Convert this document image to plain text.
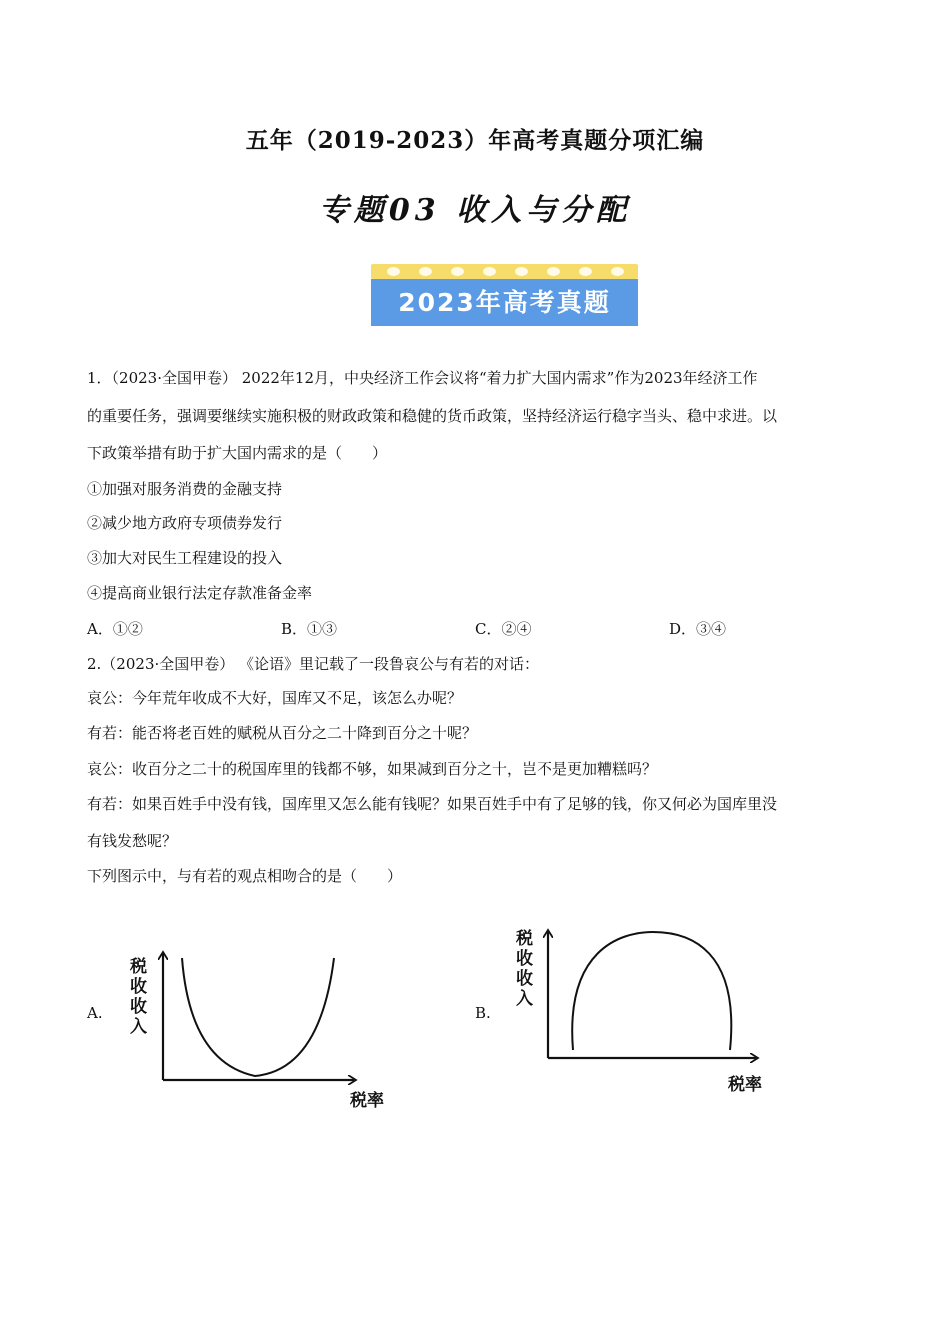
五年（2019-2023）年高考真题分项汇编
专题03 收入与分配
2023年高考真题
1．（2023·全国甲卷） 2022年12月，中央经济工作会议将“着力扩大国内需求”作为2023年经济工作
的重要任务，强调要继续实施积极的财政政策和稳健的货币政策，坚持经济运行稳字当头、稳中求进。以
下政策举措有助于扩大国内需求的是（　　）
①加强对服务消费的金融支持
②减少地方政府专项债券发行
③加大对民生工程建设的投入
④提高商业银行法定存款准备金率
A．①②	B．①③	C．②④	D．③④
2.（2023·全国甲卷） 《论语》里记载了一段鲁哀公与有若的对话：
哀公：今年荒年收成不大好，国库又不足，该怎么办呢？
有若：能否将老百姓的赋税从百分之二十降到百分之十呢？
哀公：收百分之二十的税国库里的钱都不够，如果减到百分之十，岂不是更加糟糕吗？
有若：如果百姓手中没有钱，国库里又怎么能有钱呢？如果百姓手中有了足够的钱，你又何必为国库里没
有钱发愁呢？
下列图示中，与有若的观点相吻合的是（　　）
A.
税
收
收
入
税率
B.
税
收
收
入
税率
